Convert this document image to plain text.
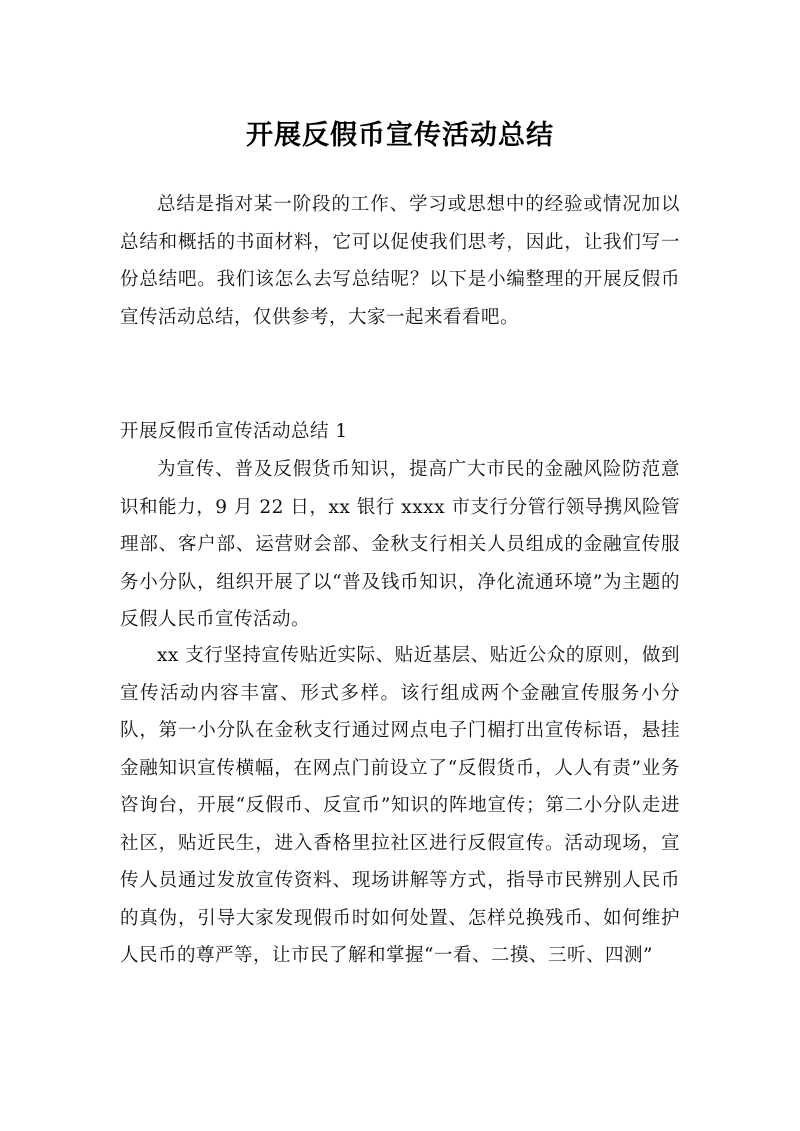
开展反假币宣传活动总结

总结是指对某一阶段的工作、学习或思想中的经验或情况加以总结和概括的书面材料，它可以促使我们思考，因此，让我们写一份总结吧。我们该怎么去写总结呢？以下是小编整理的开展反假币宣传活动总结，仅供参考，大家一起来看看吧。

开展反假币宣传活动总结 1

为宣传、普及反假货币知识，提高广大市民的金融风险防范意识和能力，9 月 22 日，xx 银行 xxxx 市支行分管行领导携风险管理部、客户部、运营财会部、金秋支行相关人员组成的金融宣传服务小分队，组织开展了以“普及钱币知识，净化流通环境”为主题的反假人民币宣传活动。

xx 支行坚持宣传贴近实际、贴近基层、贴近公众的原则，做到宣传活动内容丰富、形式多样。该行组成两个金融宣传服务小分队，第一小分队在金秋支行通过网点电子门楣打出宣传标语，悬挂金融知识宣传横幅，在网点门前设立了“反假货币，人人有责”业务咨询台，开展“反假币、反宣币”知识的阵地宣传；第二小分队走进社区，贴近民生，进入香格里拉社区进行反假宣传。活动现场，宣传人员通过发放宣传资料、现场讲解等方式，指导市民辨别人民币的真伪，引导大家发现假币时如何处置、怎样兑换残币、如何维护人民币的尊严等，让市民了解和掌握“一看、二摸、三听、四测”
